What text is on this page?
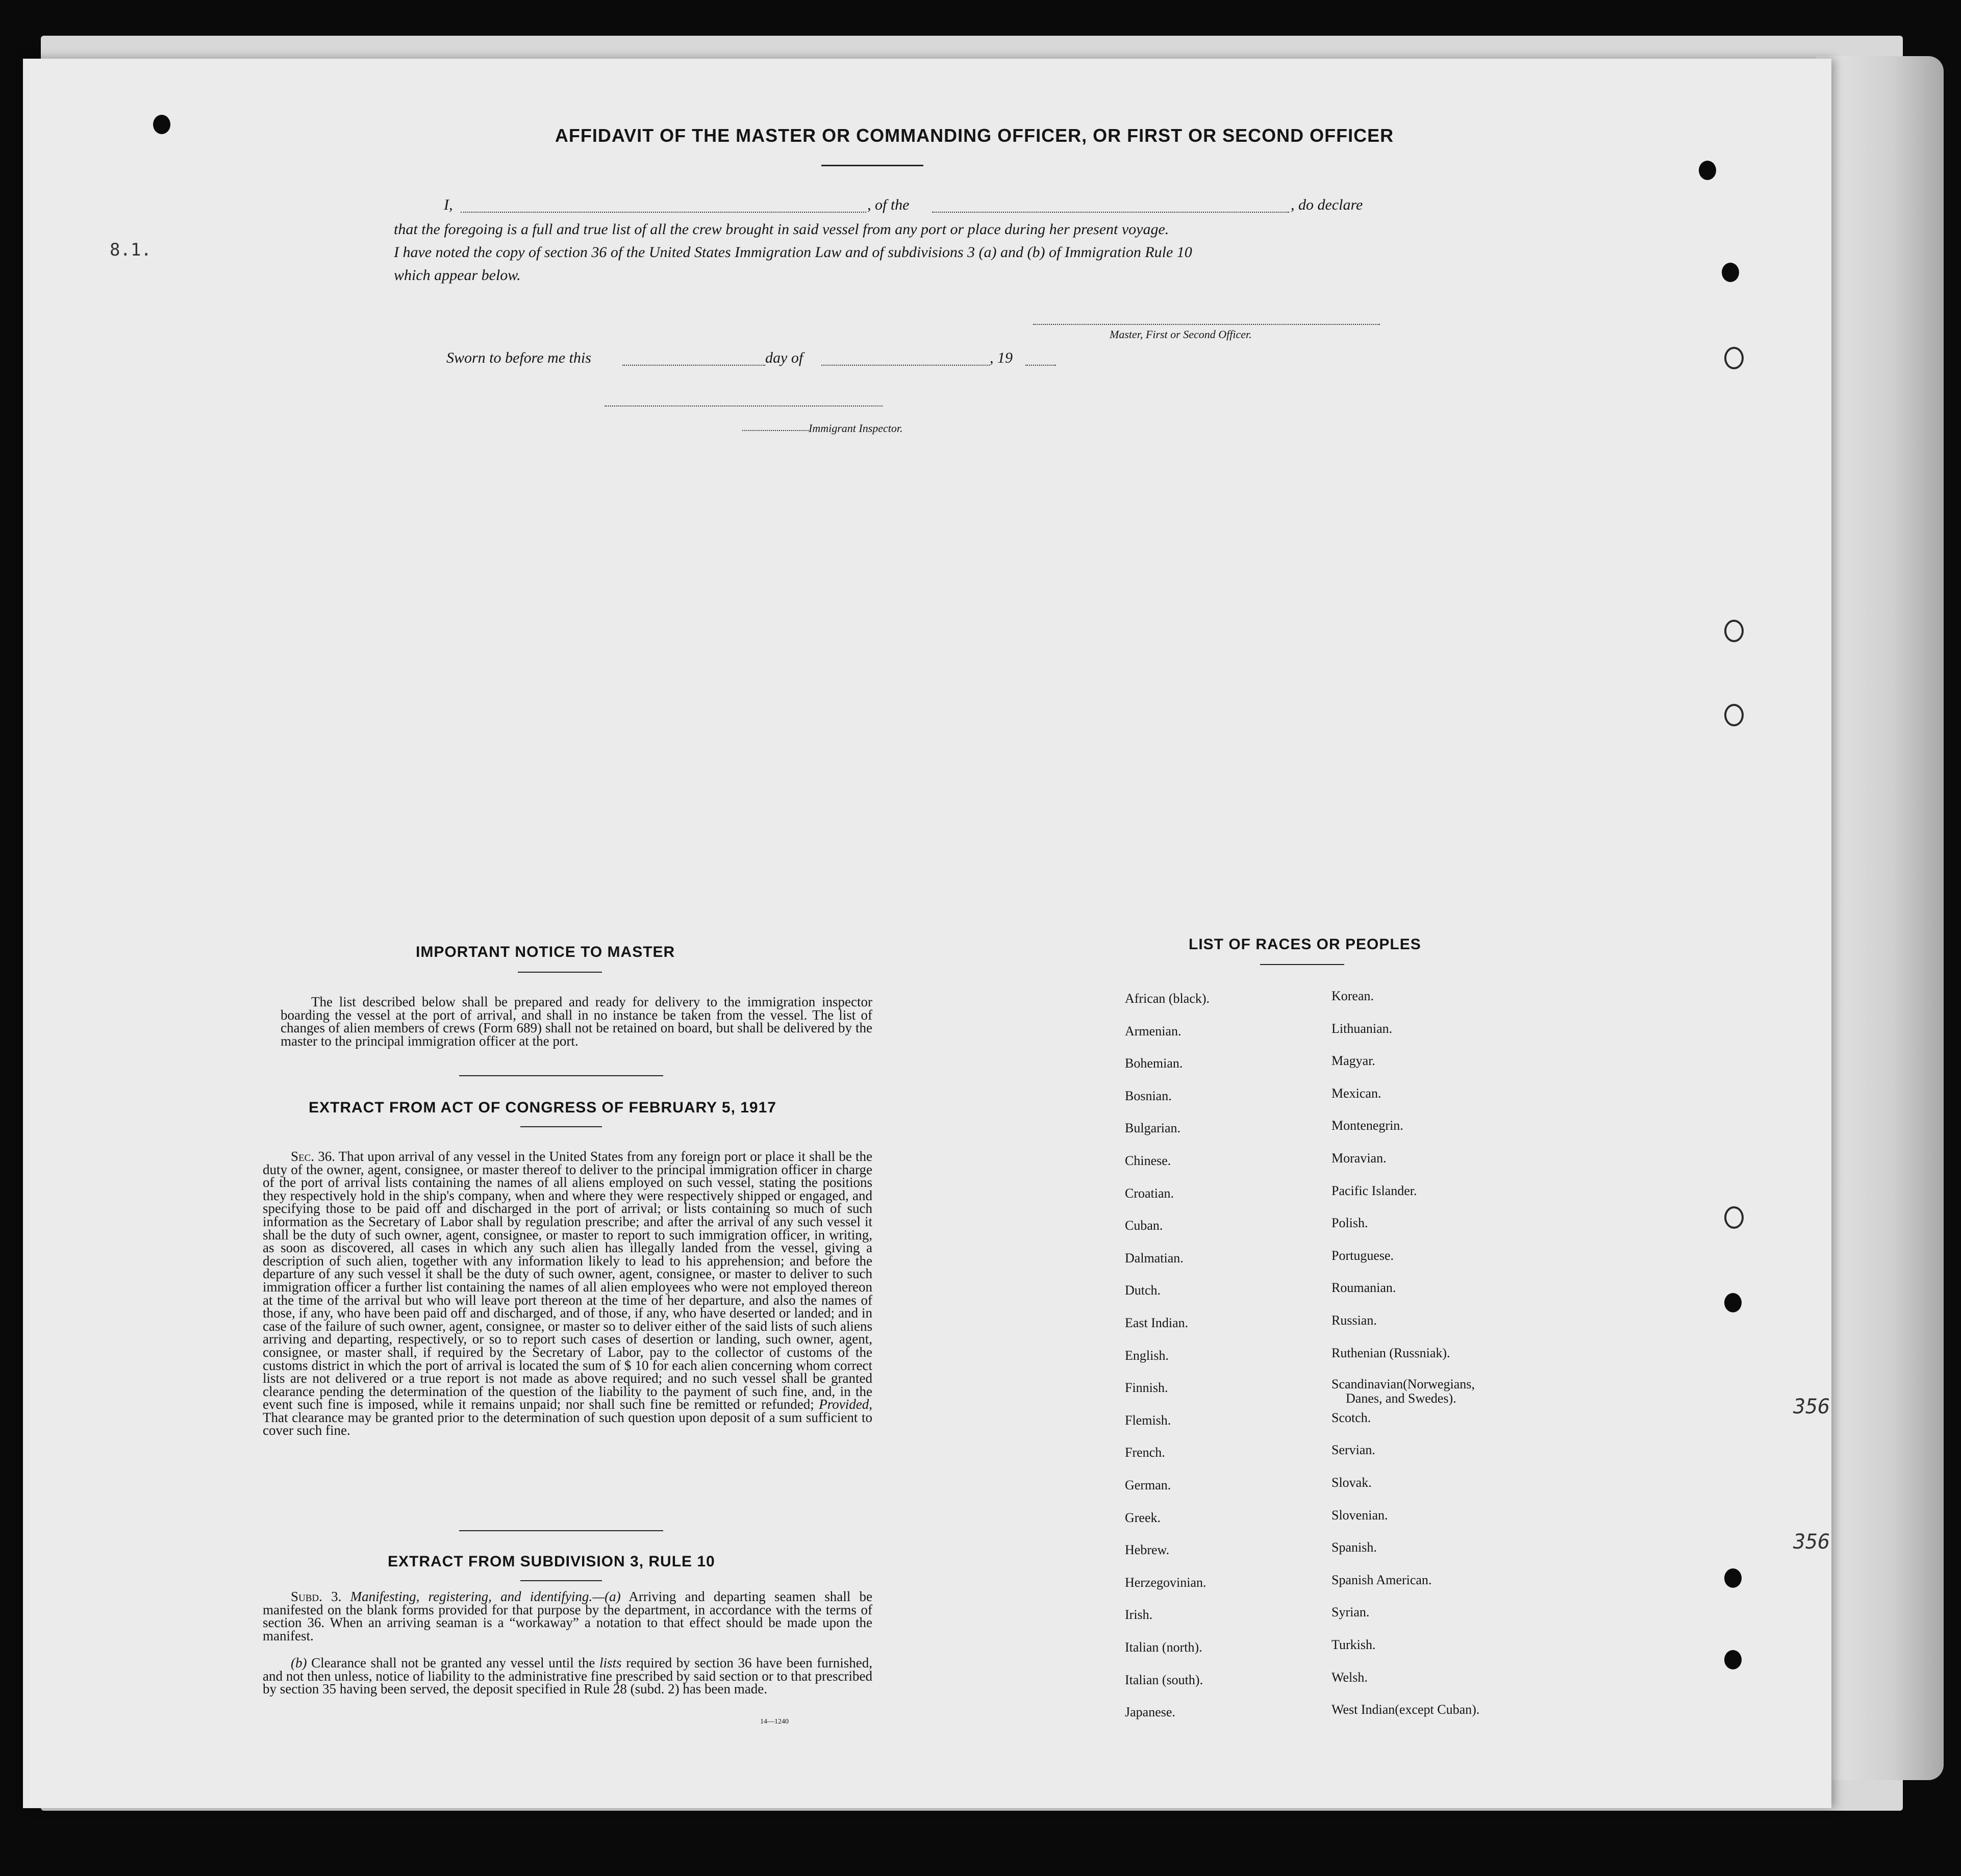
8.1.
356
356
AFFIDAVIT OF THE MASTER OR COMMANDING OFFICER, OR FIRST OR SECOND OFFICER
I,	, of the	, do declare
that the foregoing is a full and true list of all the crew brought in said vessel from any port or place during her present voyage.
I have noted the copy of section 36 of the United States Immigration Law and of subdivisions 3 (a) and (b) of Immigration Rule 10
which appear below.
Master, First or Second Officer.
Sworn to before me this	day of	, 19
Immigrant Inspector.
IMPORTANT NOTICE TO MASTER
The list described below shall be prepared and ready for delivery to the immigration inspector boarding the vessel at the port of arrival, and shall in no instance be taken from the vessel. The list of changes of alien members of crews (Form 689) shall not be retained on board, but shall be delivered by the master to the principal immigration officer at the port.
EXTRACT FROM ACT OF CONGRESS OF FEBRUARY 5, 1917
Sec. 36. That upon arrival of any vessel in the United States from any foreign port or place it shall be the duty of the owner, agent, consignee, or master thereof to deliver to the principal immigration officer in charge of the port of arrival lists containing the names of all aliens employed on such vessel, stating the positions they respectively hold in the ship's company, when and where they were respectively shipped or engaged, and specifying those to be paid off and discharged in the port of arrival; or lists containing so much of such information as the Secretary of Labor shall by regulation prescribe; and after the arrival of any such vessel it shall be the duty of such owner, agent, consignee, or master to report to such immigration officer, in writing, as soon as discovered, all cases in which any such alien has illegally landed from the vessel, giving a description of such alien, together with any information likely to lead to his apprehension; and before the departure of any such vessel it shall be the duty of such owner, agent, consignee, or master to deliver to such immigration officer a further list containing the names of all alien employees who were not employed thereon at the time of the arrival but who will leave port thereon at the time of her departure, and also the names of those, if any, who have been paid off and discharged, and of those, if any, who have deserted or landed; and in case of the failure of such owner, agent, consignee, or master so to deliver either of the said lists of such aliens arriving and departing, respectively, or so to report such cases of desertion or landing, such owner, agent, consignee, or master shall, if required by the Secretary of Labor, pay to the collector of customs of the customs district in which the port of arrival is located the sum of $ 10 for each alien concerning whom correct lists are not delivered or a true report is not made as above required; and no such vessel shall be granted clearance pending the determination of the question of the liability to the payment of such fine, and, in the event such fine is imposed, while it remains unpaid; nor shall such fine be remitted or refunded; Provided, That clearance may be granted prior to the determination of such question upon deposit of a sum sufficient to cover such fine.
EXTRACT FROM SUBDIVISION 3, RULE 10
Subd. 3. Manifesting, registering, and identifying.—(a) Arriving and departing seamen shall be manifested on the blank forms provided for that purpose by the department, in accordance with the terms of section 36. When an arriving seaman is a “workaway” a notation to that effect should be made upon the manifest.
(b) Clearance shall not be granted any vessel until the lists required by section 36 have been furnished, and not then unless, notice of liability to the administrative fine prescribed by said section or to that prescribed by section 35 having been served, the deposit specified in Rule 28 (subd. 2) has been made.
14—1240
LIST OF RACES OR PEOPLES
African (black).
Armenian.
Bohemian.
Bosnian.
Bulgarian.
Chinese.
Croatian.
Cuban.
Dalmatian.
Dutch.
East Indian.
English.
Finnish.
Flemish.
French.
German.
Greek.
Hebrew.
Herzegovinian.
Irish.
Italian (north).
Italian (south).
Japanese.
Korean.
Lithuanian.
Magyar.
Mexican.
Montenegrin.
Moravian.
Pacific Islander.
Polish.
Portuguese.
Roumanian.
Russian.
Ruthenian (Russniak).
Scandinavian(Norwegians,
Danes, and Swedes).
Scotch.
Servian.
Slovak.
Slovenian.
Spanish.
Spanish American.
Syrian.
Turkish.
Welsh.
West Indian(except Cuban).
